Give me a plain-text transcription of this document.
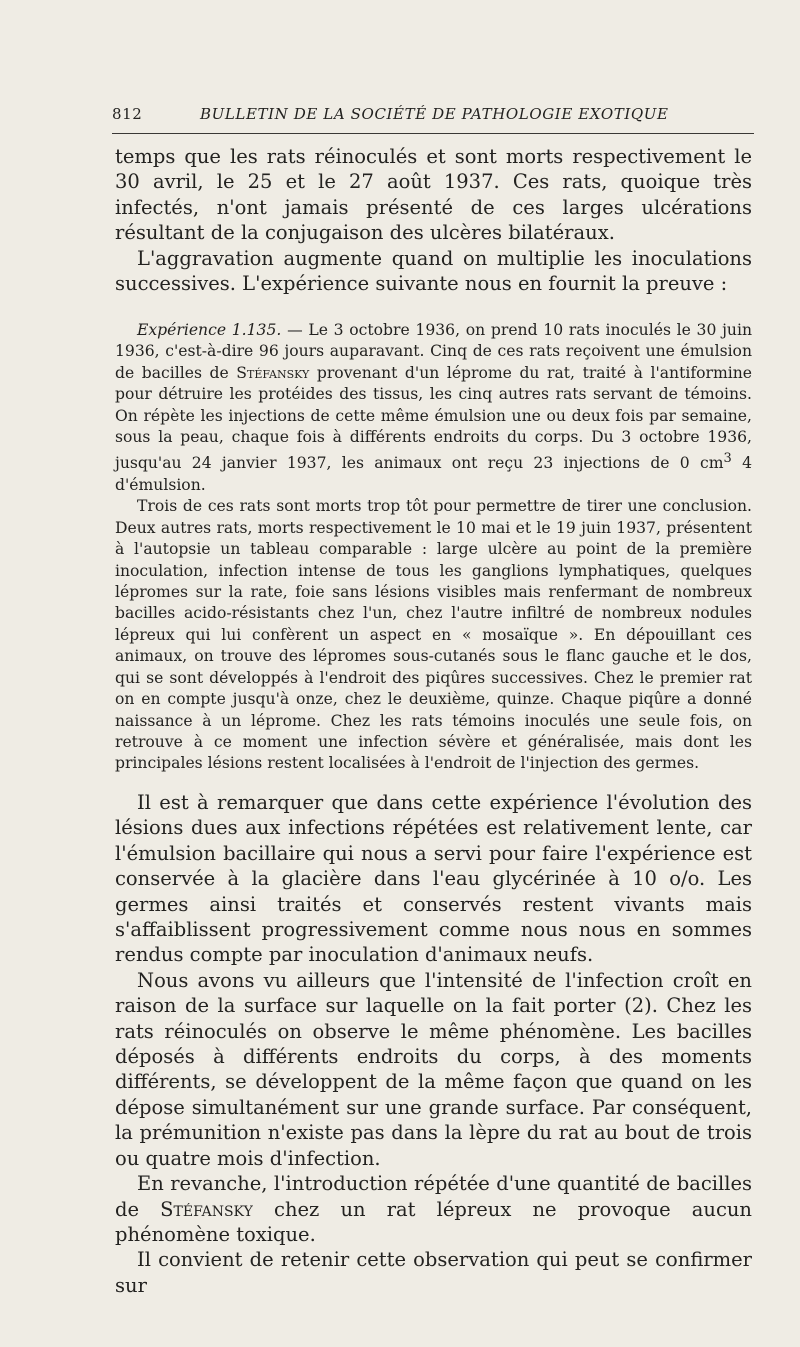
812	BULLETIN DE LA SOCIÉTÉ DE PATHOLOGIE EXOTIQUE

temps que les rats réinoculés et sont morts respectivement le 30 avril, le 25 et le 27 août 1937. Ces rats, quoique très infectés, n'ont jamais présenté de ces larges ulcérations résultant de la conjugaison des ulcères bilatéraux.

L'aggravation augmente quand on multiplie les inoculations successives. L'expérience suivante nous en fournit la preuve :

Expérience 1.135. — Le 3 octobre 1936, on prend 10 rats inoculés le 30 juin 1936, c'est-à-dire 96 jours auparavant. Cinq de ces rats reçoivent une émulsion de bacilles de Stéfansky provenant d'un lépromе du rat, traité à l'antiformine pour détruire les protéides des tissus, les cinq autres rats servant de témoins. On répète les injections de cette même émulsion une ou deux fois par semaine, sous la peau, chaque fois à différents endroits du corps. Du 3 octobre 1936, jusqu'au 24 janvier 1937, les animaux ont reçu 23 injections de 0 $cm^3$ 4 d'émulsion.

Trois de ces rats sont morts trop tôt pour permettre de tirer une conclusion. Deux autres rats, morts respectivement le 10 mai et le 19 juin 1937, présentent à l'autopsie un tableau comparable : large ulcère au point de la première inoculation, infection intense de tous les ganglions lymphatiques, quelques lépromes sur la rate, foie sans lésions visibles mais renfermant de nombreux bacilles acido-résistants chez l'un, chez l'autre infiltré de nombreux nodules lépreux qui lui confèrent un aspect en « mosaïque ». En dépouillant ces animaux, on trouve des lépromes sous-cutanés sous le flanc gauche et le dos, qui se sont développés à l'endroit des piqûres successives. Chez le premier rat on en compte jusqu'à onze, chez le deuxième, quinze. Chaque piqûre a donné naissance à un léprome. Chez les rats témoins inoculés une seule fois, on retrouve à ce moment une infection sévère et généralisée, mais dont les principales lésions restent localisées à l'endroit de l'injection des germes.

Il est à remarquer que dans cette expérience l'évolution des lésions dues aux infections répétées est relativement lente, car l'émulsion bacillaire qui nous a servi pour faire l'expérience est conservée à la glacière dans l'eau glycérinée à 10 o/o. Les germes ainsi traités et conservés restent vivants mais s'affaiblissent progressivement comme nous nous en sommes rendus compte par inoculation d'animaux neufs.

Nous avons vu ailleurs que l'intensité de l'infection croît en raison de la surface sur laquelle on la fait porter (2). Chez les rats réinoculés on observe le même phénomène. Les bacilles déposés à différents endroits du corps, à des moments différents, se développent de la même façon que quand on les dépose simultanément sur une grande surface. Par conséquent, la prémunition n'existe pas dans la lèpre du rat au bout de trois ou quatre mois d'infection.

En revanche, l'introduction répétée d'une quantité de bacilles de Stéfansky chez un rat lépreux ne provoque aucun phénomène toxique.

Il convient de retenir cette observation qui peut se confirmer sur
